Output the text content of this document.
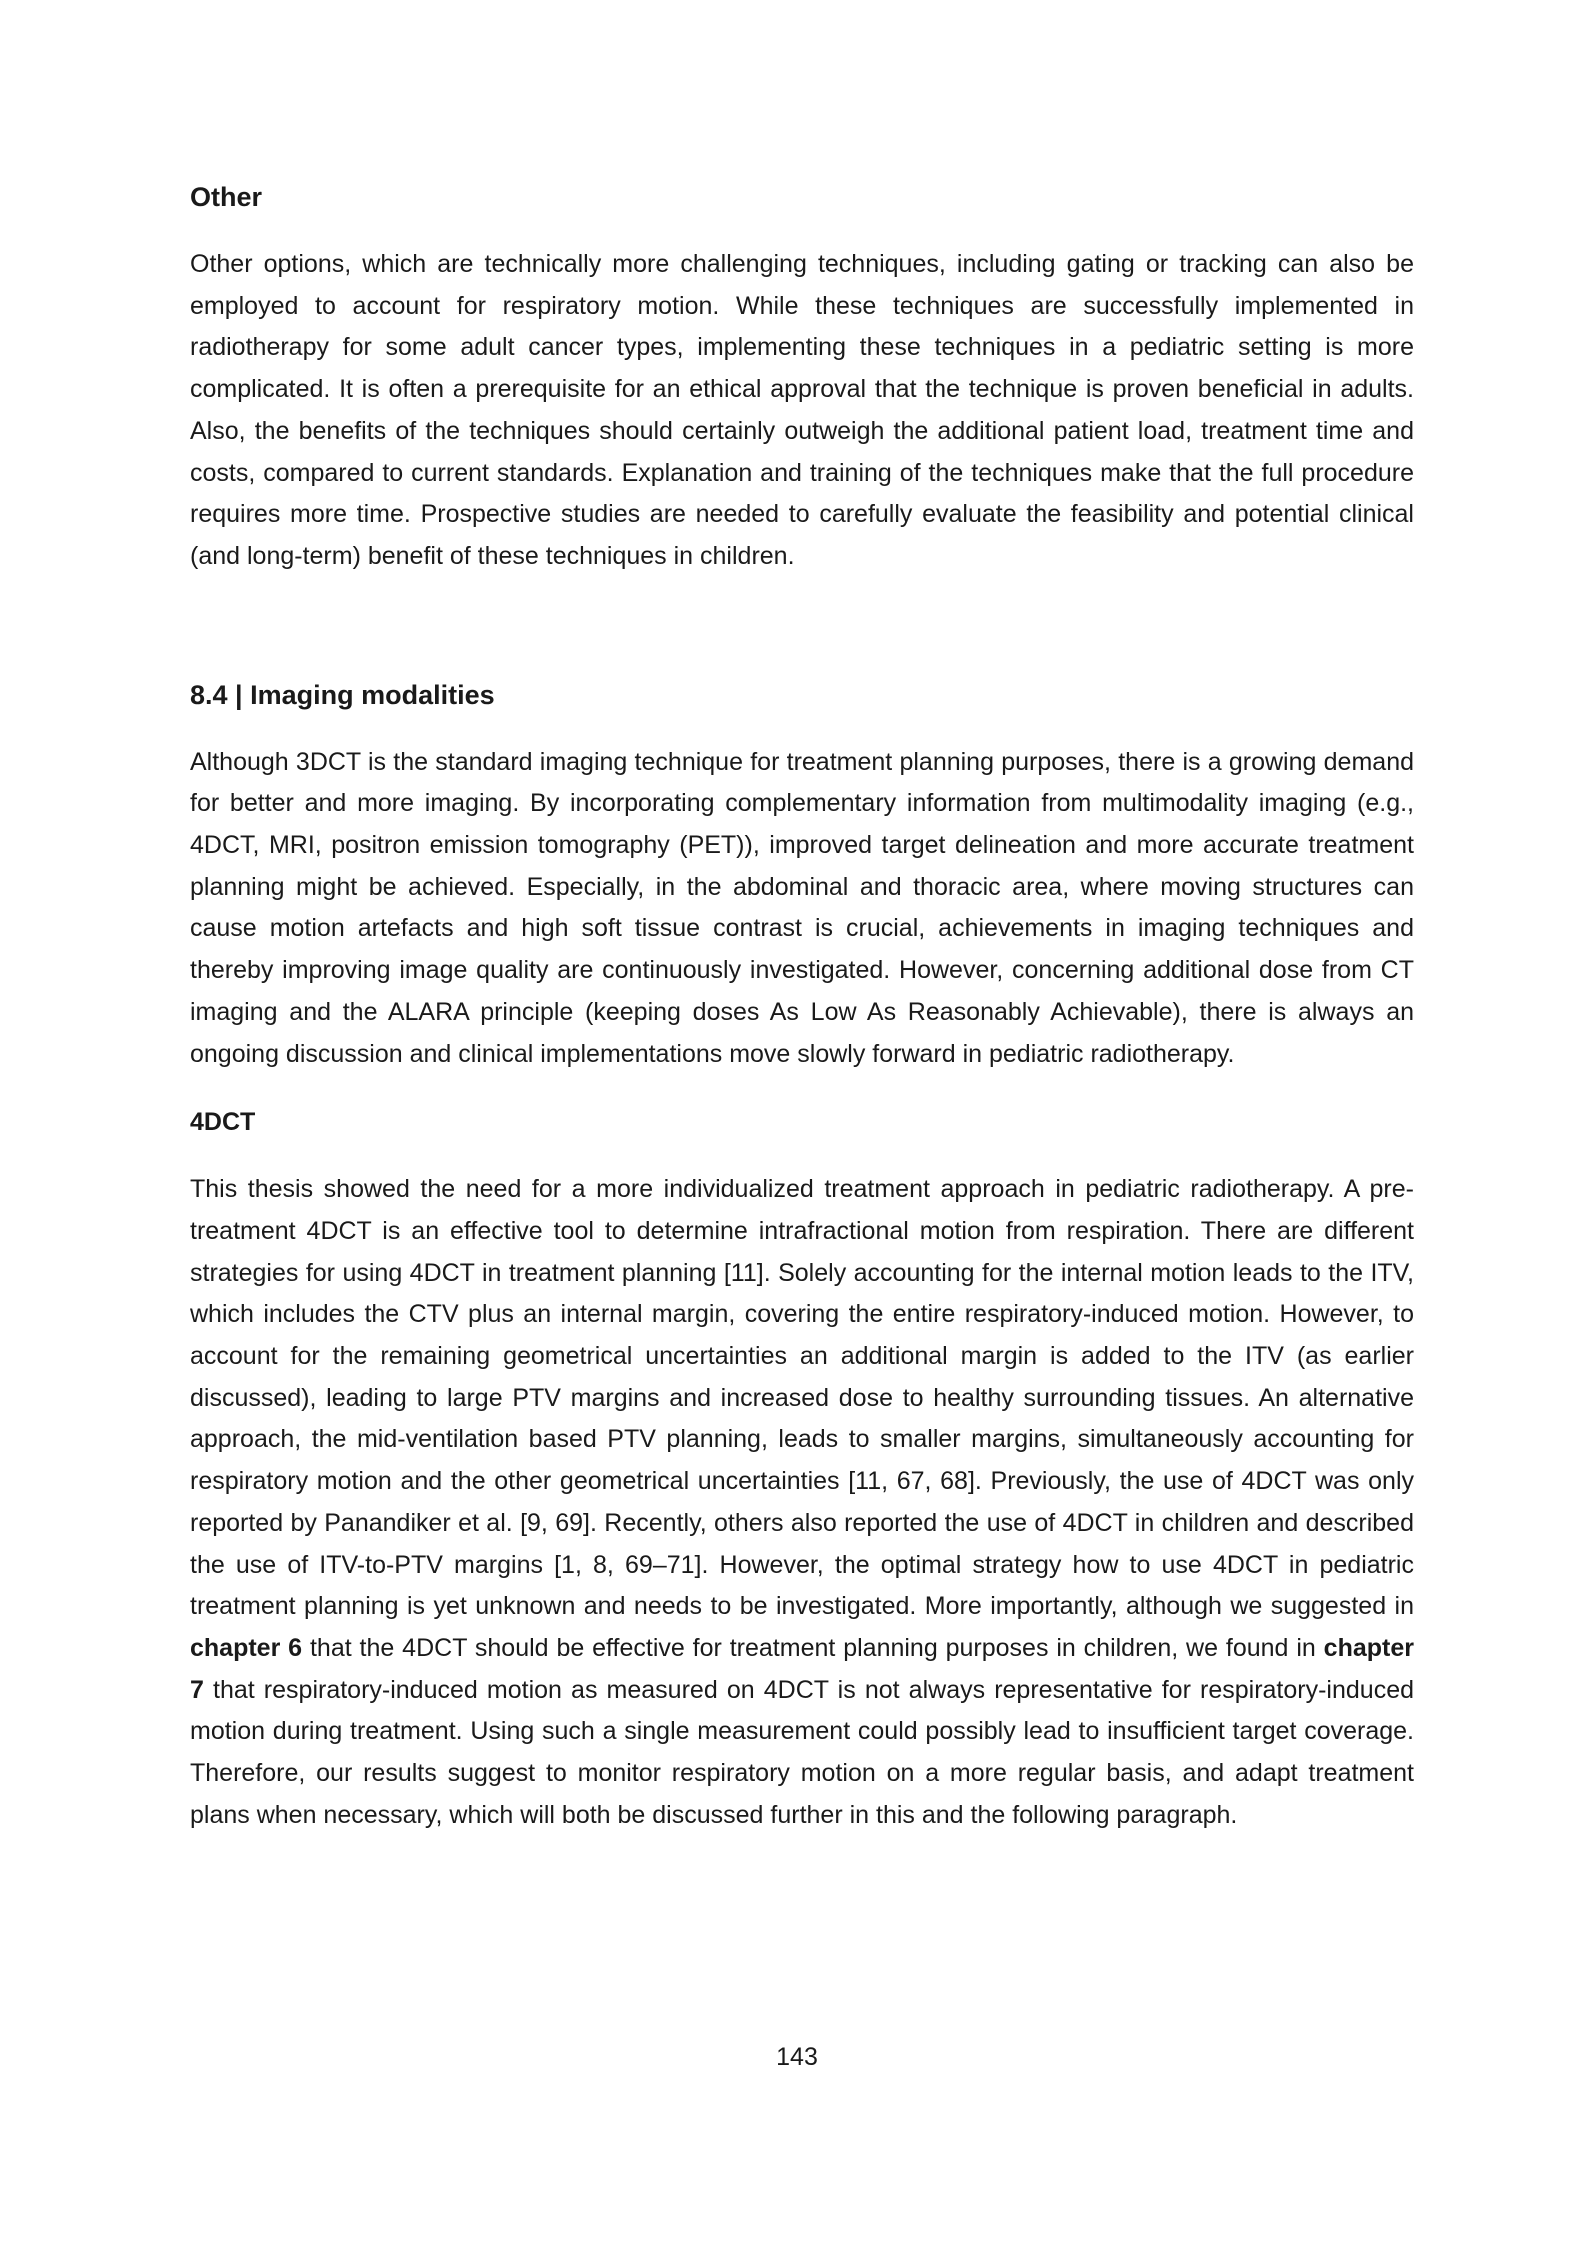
Other

Other options, which are technically more challenging techniques, including gating or tracking can also be employed to account for respiratory motion. While these techniques are successfully implemented in radiotherapy for some adult cancer types, implementing these techniques in a pediatric setting is more complicated. It is often a prerequisite for an ethical approval that the technique is proven beneficial in adults. Also, the benefits of the techniques should certainly outweigh the additional patient load, treatment time and costs, compared to current standards. Explanation and training of the techniques make that the full procedure requires more time. Prospective studies are needed to carefully evaluate the feasibility and potential clinical (and long-term) benefit of these techniques in children.

8.4 | Imaging modalities

Although 3DCT is the standard imaging technique for treatment planning purposes, there is a growing demand for better and more imaging. By incorporating complementary information from multimodality imaging (e.g., 4DCT, MRI, positron emission tomography (PET)), improved target delineation and more accurate treatment planning might be achieved. Especially, in the abdominal and thoracic area, where moving structures can cause motion artefacts and high soft tissue contrast is crucial, achievements in imaging techniques and thereby improving image quality are continuously investigated. However, concerning additional dose from CT imaging and the ALARA principle (keeping doses As Low As Reasonably Achievable), there is always an ongoing discussion and clinical implementations move slowly forward in pediatric radiotherapy.

4DCT

This thesis showed the need for a more individualized treatment approach in pediatric radiotherapy. A pre-treatment 4DCT is an effective tool to determine intrafractional motion from respiration. There are different strategies for using 4DCT in treatment planning [11]. Solely accounting for the internal motion leads to the ITV, which includes the CTV plus an internal margin, covering the entire respiratory-induced motion. However, to account for the remaining geometrical uncertainties an additional margin is added to the ITV (as earlier discussed), leading to large PTV margins and increased dose to healthy surrounding tissues. An alternative approach, the mid-ventilation based PTV planning, leads to smaller margins, simultaneously accounting for respiratory motion and the other geometrical uncertainties [11, 67, 68]. Previously, the use of 4DCT was only reported by Panandiker et al. [9, 69]. Recently, others also reported the use of 4DCT in children and described the use of ITV-to-PTV margins [1, 8, 69–71]. However, the optimal strategy how to use 4DCT in pediatric treatment planning is yet unknown and needs to be investigated. More importantly, although we suggested in chapter 6 that the 4DCT should be effective for treatment planning purposes in children, we found in chapter 7 that respiratory-induced motion as measured on 4DCT is not always representative for respiratory-induced motion during treatment. Using such a single measurement could possibly lead to insufficient target coverage. Therefore, our results suggest to monitor respiratory motion on a more regular basis, and adapt treatment plans when necessary, which will both be discussed further in this and the following paragraph.

143
